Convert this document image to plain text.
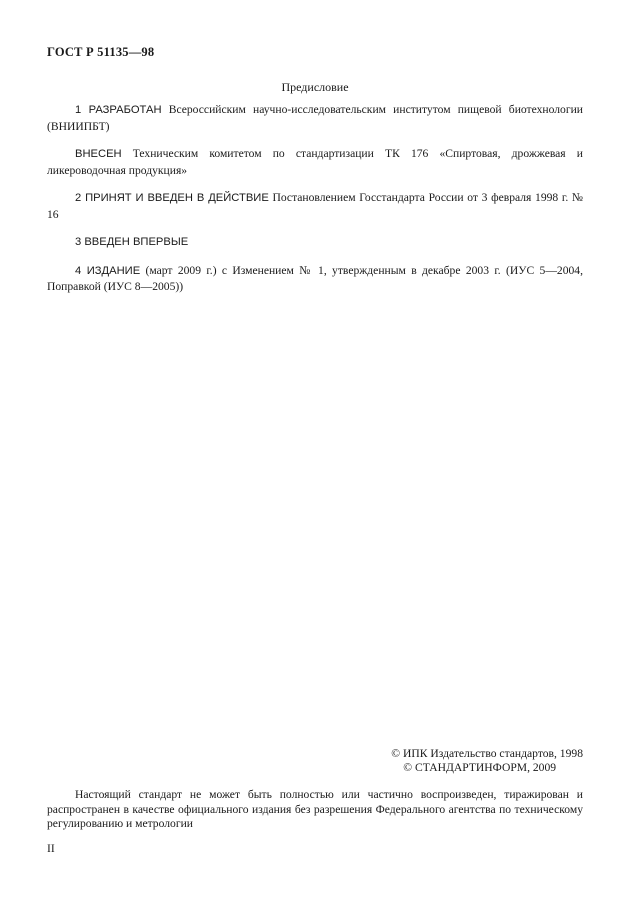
ГОСТ Р 51135—98
Предисловие

1 РАЗРАБОТАН Всероссийским научно-исследовательским институтом пищевой биотехнологии (ВНИИПБТ)

ВНЕСЕН Техническим комитетом по стандартизации ТК 176 «Спиртовая, дрожжевая и ликероводочная продукция»

2 ПРИНЯТ И ВВЕДЕН В ДЕЙСТВИЕ Постановлением Госстандарта России от 3 февраля 1998 г. № 16

3 ВВЕДЕН ВПЕРВЫЕ

4 ИЗДАНИЕ (март 2009 г.) с Изменением № 1, утвержденным в декабре 2003 г. (ИУС 5—2004, Поправкой (ИУС 8—2005))

© ИПК Издательство стандартов, 1998
© СТАНДАРТИНФОРМ, 2009
Настоящий стандарт не может быть полностью или частично воспроизведен, тиражирован и распространен в качестве официального издания без разрешения Федерального агентства по техническому регулированию и метрологии
II
